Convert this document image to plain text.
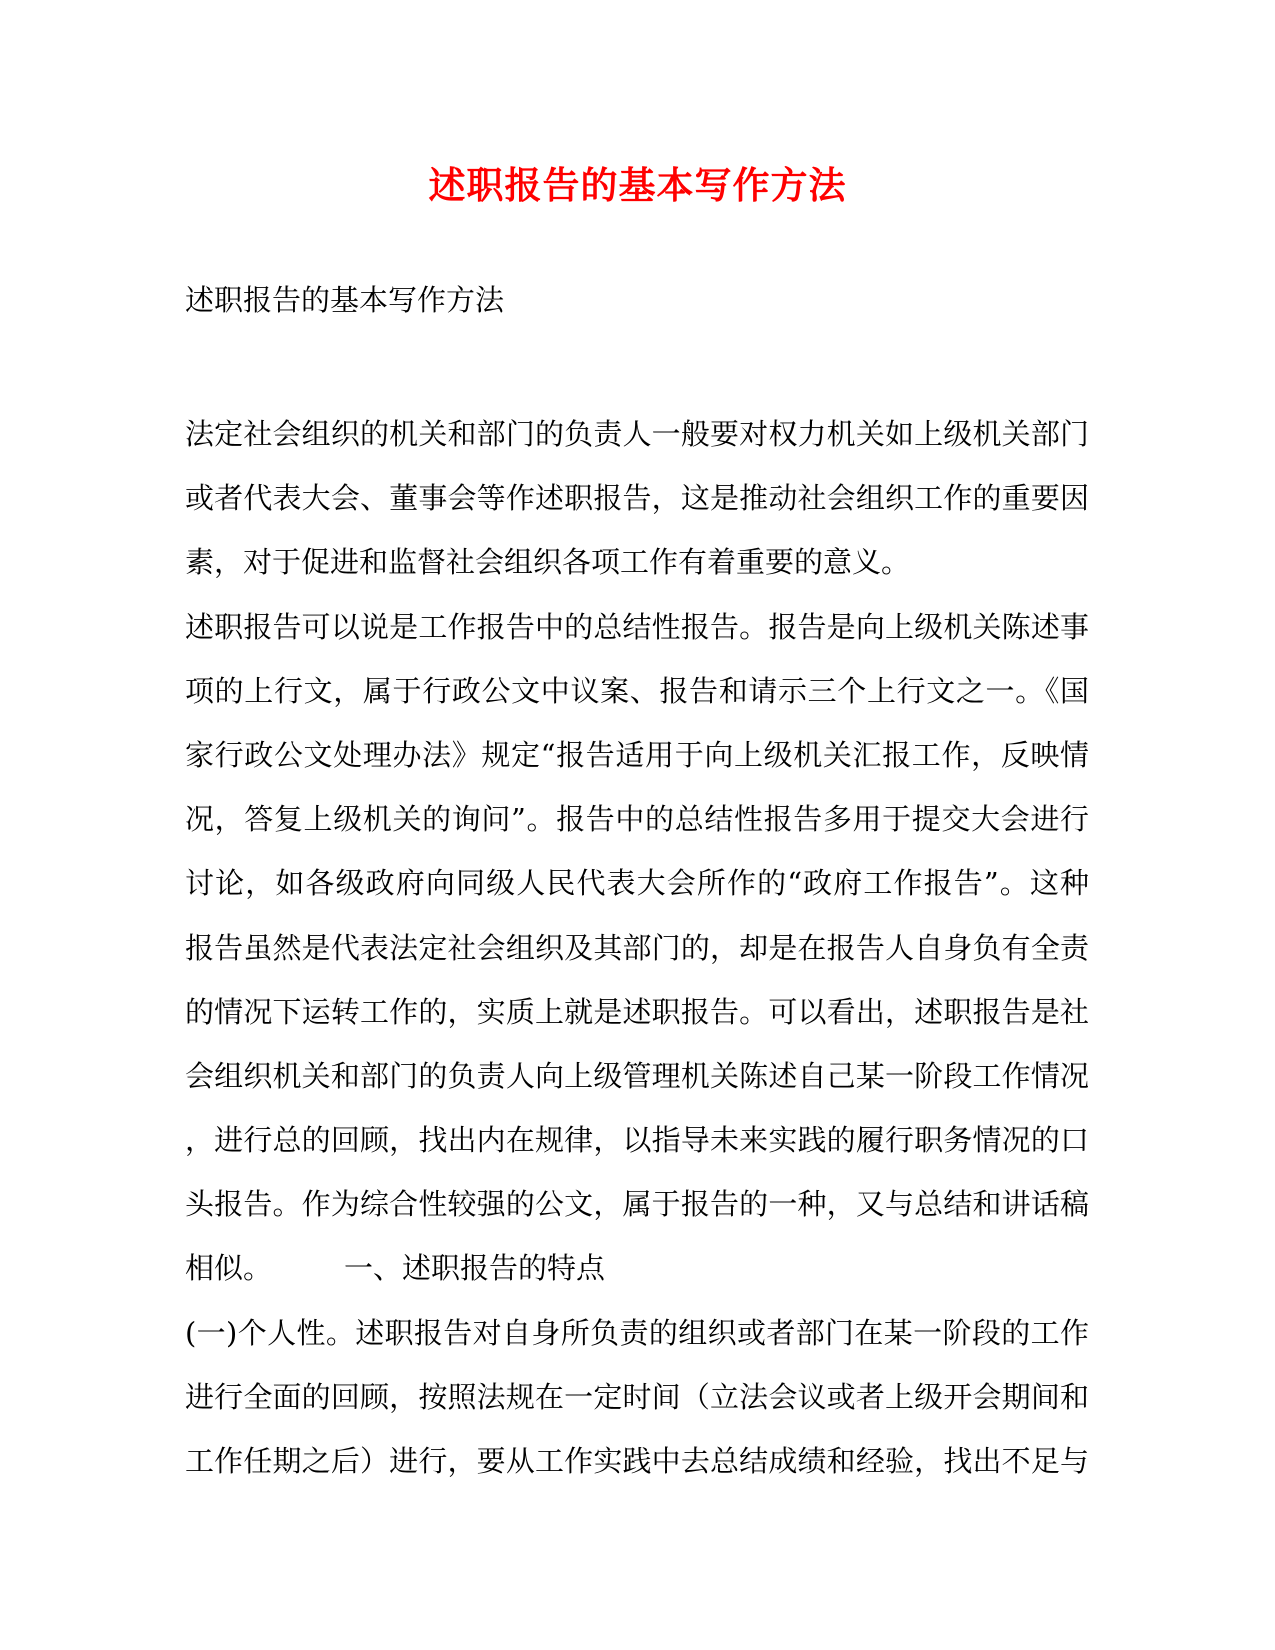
述职报告的基本写作方法
述职报告的基本写作方法
法定社会组织的机关和部门的负责人一般要对权力机关如上级机关部门
或者代表大会、董事会等作述职报告，这是推动社会组织工作的重要因
素，对于促进和监督社会组织各项工作有着重要的意义。
述职报告可以说是工作报告中的总结性报告。报告是向上级机关陈述事
项的上行文，属于行政公文中议案、报告和请示三个上行文之一。《国
家行政公文处理办法》规定“报告适用于向上级机关汇报工作，反映情
况，答复上级机关的询问”。报告中的总结性报告多用于提交大会进行
讨论，如各级政府向同级人民代表大会所作的“政府工作报告”。这种
报告虽然是代表法定社会组织及其部门的，却是在报告人自身负有全责
的情况下运转工作的，实质上就是述职报告。可以看出，述职报告是社
会组织机关和部门的负责人向上级管理机关陈述自己某一阶段工作情况
，进行总的回顾，找出内在规律，以指导未来实践的履行职务情况的口
头报告。作为综合性较强的公文，属于报告的一种，又与总结和讲话稿
相似。 一、述职报告的特点
(一)个人性。述职报告对自身所负责的组织或者部门在某一阶段的工作
进行全面的回顾，按照法规在一定时间（立法会议或者上级开会期间和
工作任期之后）进行，要从工作实践中去总结成绩和经验，找出不足与
